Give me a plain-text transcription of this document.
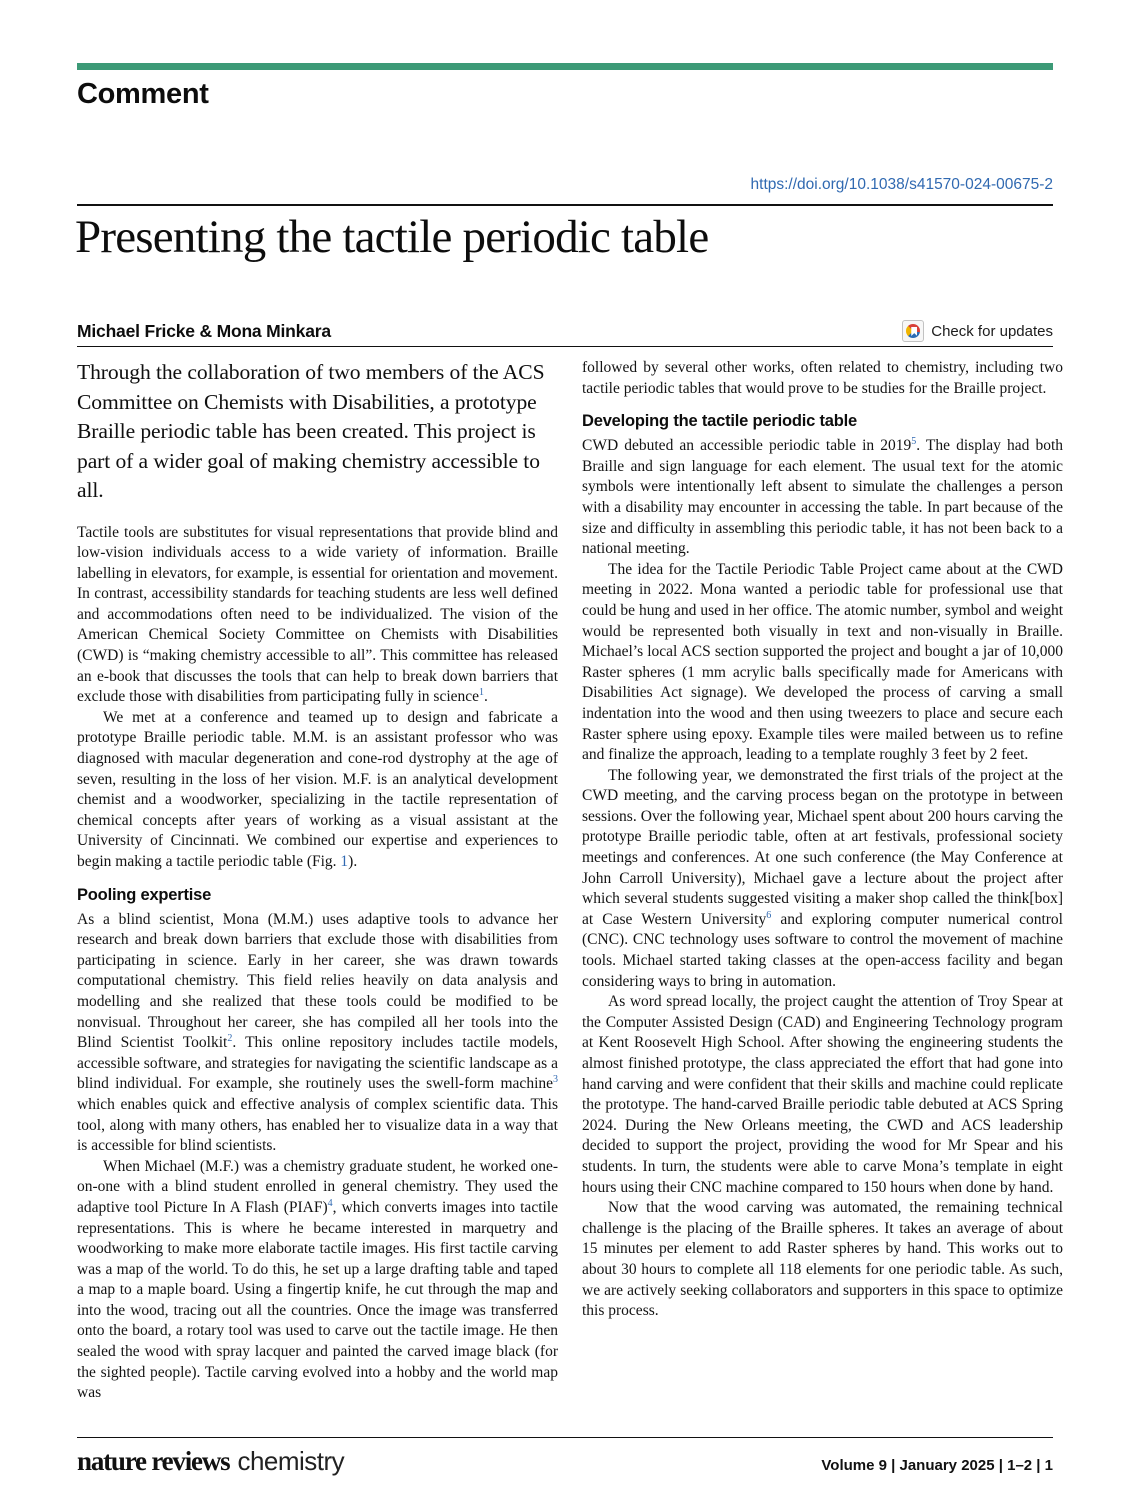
Comment
https://doi.org/10.1038/s41570-024-00675-2
Presenting the tactile periodic table
Michael Fricke & Mona Minkara	Check for updates

Through the collaboration of two members of the ACS Committee on Chemists with Disabilities, a prototype Braille periodic table has been created. This project is part of a wider goal of making chemistry accessible to all.

Tactile tools are substitutes for visual representations that provide blind and low-vision individuals access to a wide variety of information. Braille labelling in elevators, for example, is essential for orientation and movement. In contrast, accessibility standards for teaching students are less well defined and accommodations often need to be individualized. The vision of the American Chemical Society Committee on Chemists with Disabilities (CWD) is “making chemistry accessible to all”. This committee has released an e-book that discusses the tools that can help to break down barriers that exclude those with disabilities from participating fully in science$^1$.

We met at a conference and teamed up to design and fabricate a prototype Braille periodic table. M.M. is an assistant professor who was diagnosed with macular degeneration and cone-rod dystrophy at the age of seven, resulting in the loss of her vision. M.F. is an analytical development chemist and a woodworker, specializing in the tactile representation of chemical concepts after years of working as a visual assistant at the University of Cincinnati. We combined our expertise and experiences to begin making a tactile periodic table (Fig. 1).

Pooling expertise

As a blind scientist, Mona (M.M.) uses adaptive tools to advance her research and break down barriers that exclude those with disabilities from participating in science. Early in her career, she was drawn towards computational chemistry. This field relies heavily on data analysis and modelling and she realized that these tools could be modified to be nonvisual. Throughout her career, she has compiled all her tools into the Blind Scientist Toolkit$^2$. This online repository includes tactile models, accessible software, and strategies for navigating the scientific landscape as a blind individual. For example, she routinely uses the swell-form machine$^3$ which enables quick and effective analysis of complex scientific data. This tool, along with many others, has enabled her to visualize data in a way that is accessible for blind scientists.

When Michael (M.F.) was a chemistry graduate student, he worked one-on-one with a blind student enrolled in general chemistry. They used the adaptive tool Picture In A Flash (PIAF)$^4$, which converts images into tactile representations. This is where he became interested in marquetry and woodworking to make more elaborate tactile images. His first tactile carving was a map of the world. To do this, he set up a large drafting table and taped a map to a maple board. Using a fingertip knife, he cut through the map and into the wood, tracing out all the countries. Once the image was transferred onto the board, a rotary tool was used to carve out the tactile image. He then sealed the wood with spray lacquer and painted the carved image black (for the sighted people). Tactile carving evolved into a hobby and the world map was

followed by several other works, often related to chemistry, including two tactile periodic tables that would prove to be studies for the Braille project.

Developing the tactile periodic table

CWD debuted an accessible periodic table in 2019$^5$. The display had both Braille and sign language for each element. The usual text for the atomic symbols were intentionally left absent to simulate the challenges a person with a disability may encounter in accessing the table. In part because of the size and difficulty in assembling this periodic table, it has not been back to a national meeting.

The idea for the Tactile Periodic Table Project came about at the CWD meeting in 2022. Mona wanted a periodic table for professional use that could be hung and used in her office. The atomic number, symbol and weight would be represented both visually in text and non-visually in Braille. Michael’s local ACS section supported the project and bought a jar of 10,000 Raster spheres (1 mm acrylic balls specifically made for Americans with Disabilities Act signage). We developed the process of carving a small indentation into the wood and then using tweezers to place and secure each Raster sphere using epoxy. Example tiles were mailed between us to refine and finalize the approach, leading to a template roughly 3 feet by 2 feet.

The following year, we demonstrated the first trials of the project at the CWD meeting, and the carving process began on the prototype in between sessions. Over the following year, Michael spent about 200 hours carving the prototype Braille periodic table, often at art festivals, professional society meetings and conferences. At one such conference (the May Conference at John Carroll University), Michael gave a lecture about the project after which several students suggested visiting a maker shop called the think[box] at Case Western University$^6$ and exploring computer numerical control (CNC). CNC technology uses software to control the movement of machine tools. Michael started taking classes at the open-access facility and began considering ways to bring in automation.

As word spread locally, the project caught the attention of Troy Spear at the Computer Assisted Design (CAD) and Engineering Technology program at Kent Roosevelt High School. After showing the engineering students the almost finished prototype, the class appreciated the effort that had gone into hand carving and were confident that their skills and machine could replicate the prototype. The hand-carved Braille periodic table debuted at ACS Spring 2024. During the New Orleans meeting, the CWD and ACS leadership decided to support the project, providing the wood for Mr Spear and his students. In turn, the students were able to carve Mona’s template in eight hours using their CNC machine compared to 150 hours when done by hand.

Now that the wood carving was automated, the remaining technical challenge is the placing of the Braille spheres. It takes an average of about 15 minutes per element to add Raster spheres by hand. This works out to about 30 hours to complete all 118 elements for one periodic table. As such, we are actively seeking collaborators and supporters in this space to optimize this process.

nature reviews chemistry	Volume 9 | January 2025 | 1–2 | 1
